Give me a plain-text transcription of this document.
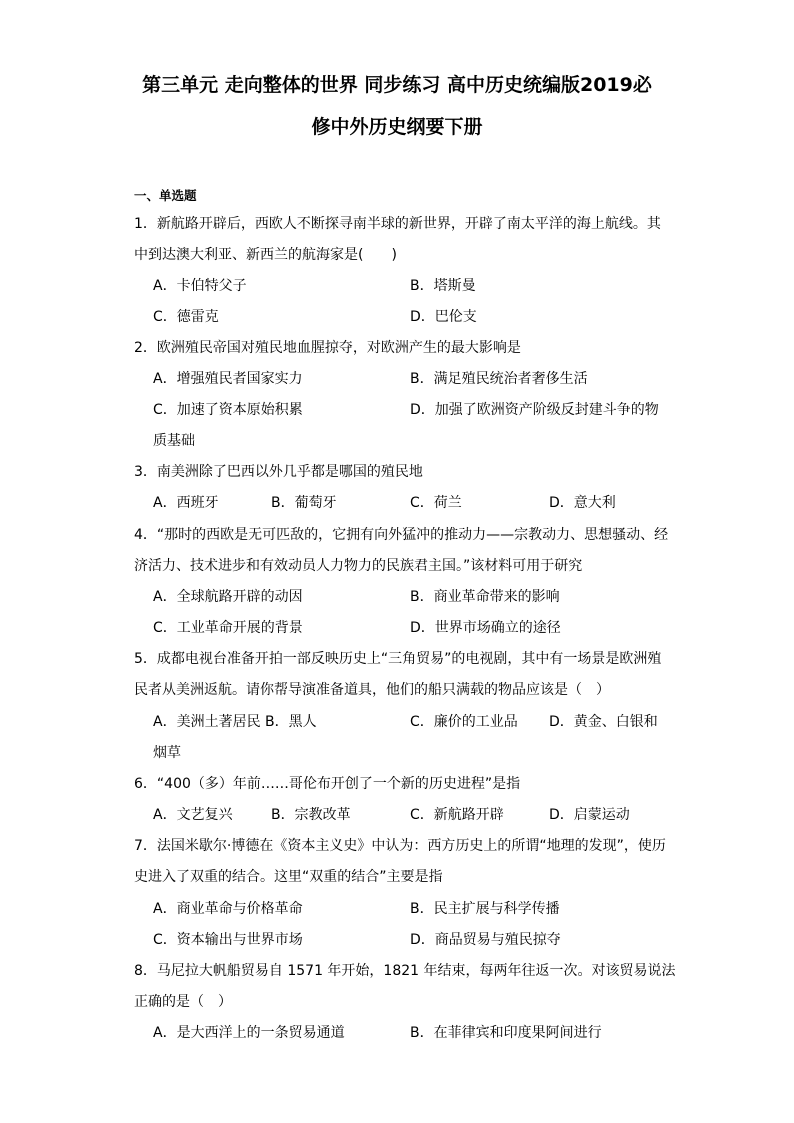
第三单元 走向整体的世界 同步练习 高中历史统编版2019必
修中外历史纲要下册
一、单选题
1．新航路开辟后，西欧人不断探寻南半球的新世界，开辟了南太平洋的海上航线。其
中到达澳大利亚、新西兰的航海家是(　　)
A．卡伯特父子	B．塔斯曼
C．德雷克	D．巴伦支
2．欧洲殖民帝国对殖民地血腥掠夺，对欧洲产生的最大影响是
A．增强殖民者国家实力	B．满足殖民统治者奢侈生活
C．加速了资本原始积累	D．加强了欧洲资产阶级反封建斗争的物
质基础
3．南美洲除了巴西以外几乎都是哪国的殖民地
A．西班牙	B．葡萄牙	C．荷兰	D．意大利
4．“那时的西欧是无可匹敌的，它拥有向外猛冲的推动力——宗教动力、思想骚动、经
济活力、技术进步和有效动员人力物力的民族君主国。”该材料可用于研究
A．全球航路开辟的动因	B．商业革命带来的影响
C．工业革命开展的背景	D．世界市场确立的途径
5．成都电视台准备开拍一部反映历史上“三角贸易”的电视剧，其中有一场景是欧洲殖
民者从美洲返航。请你帮导演准备道具，他们的船只满载的物品应该是（　）
A．美洲土著居民 B．黑人	C．廉价的工业品 D．黄金、白银和
烟草
6．“400（多）年前……哥伦布开创了一个新的历史进程”是指
A．文艺复兴	B．宗教改革	C．新航路开辟	D．启蒙运动
7．法国米歇尔·博德在《资本主义史》中认为：西方历史上的所谓“地理的发现”，使历
史进入了双重的结合。这里“双重的结合”主要是指
A．商业革命与价格革命	B．民主扩展与科学传播
C．资本输出与世界市场	D．商品贸易与殖民掠夺
8．马尼拉大帆船贸易自 1571 年开始，1821 年结束，每两年往返一次。对该贸易说法
正确的是（　）
A．是大西洋上的一条贸易通道	B．在菲律宾和印度果阿间进行
